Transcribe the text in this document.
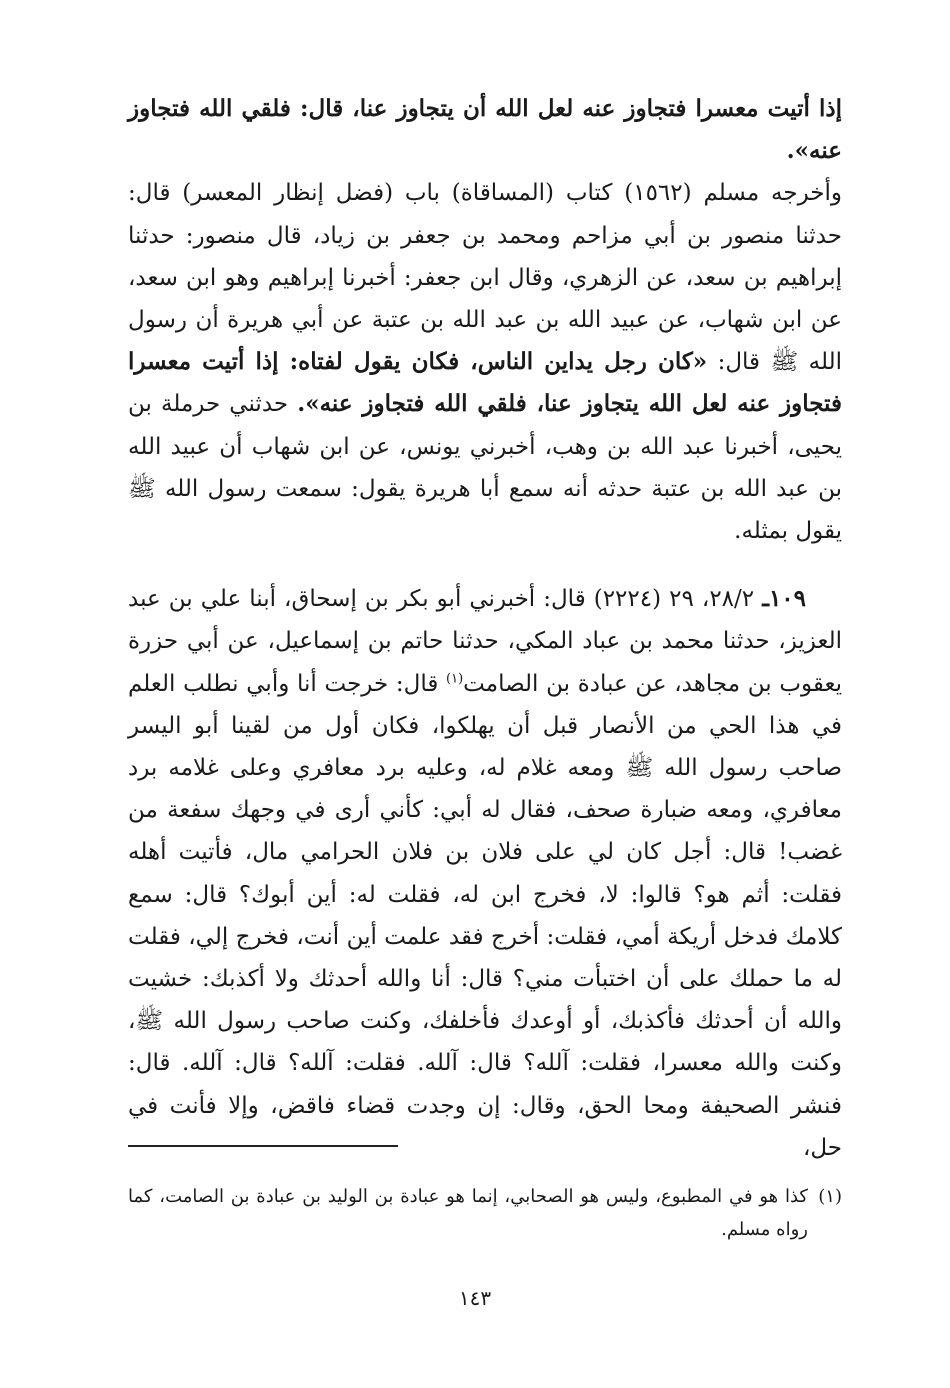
إذا أتيت معسرا فتجاوز عنه لعل الله أن يتجاوز عنا، قال: فلقي الله فتجاوز عنه».
وأخرجه مسلم (١٥٦٢) كتاب (المساقاة) باب (فضل إنظار المعسر) قال: حدثنا منصور بن أبي مزاحم ومحمد بن جعفر بن زياد، قال منصور: حدثنا إبراهيم بن سعد، عن الزهري، وقال ابن جعفر: أخبرنا إبراهيم وهو ابن سعد، عن ابن شهاب، عن عبيد الله بن عبد الله بن عتبة عن أبي هريرة أن رسول الله ﷺ قال: «كان رجل يداين الناس، فكان يقول لفتاه: إذا أتيت معسرا فتجاوز عنه لعل الله يتجاوز عنا، فلقي الله فتجاوز عنه». حدثني حرملة بن يحيى، أخبرنا عبد الله بن وهب، أخبرني يونس، عن ابن شهاب أن عبيد الله بن عبد الله بن عتبة حدثه أنه سمع أبا هريرة يقول: سمعت رسول الله ﷺ يقول بمثله.

١٠٩ـ ٢٨/٢، ٢٩ (٢٢٢٤) قال: أخبرني أبو بكر بن إسحاق، أبنا علي بن عبد العزيز، حدثنا محمد بن عباد المكي، حدثنا حاتم بن إسماعيل، عن أبي حزرة يعقوب بن مجاهد، عن عبادة بن الصامت$^{(١)}$ قال: خرجت أنا وأبي نطلب العلم في هذا الحي من الأنصار قبل أن يهلكوا، فكان أول من لقينا أبو اليسر صاحب رسول الله ﷺ ومعه غلام له، وعليه برد معافري وعلى غلامه برد معافري، ومعه ضبارة صحف، فقال له أبي: كأني أرى في وجهك سفعة من غضب! قال: أجل كان لي على فلان بن فلان الحرامي مال، فأتيت أهله فقلت: أثم هو؟ قالوا: لا، فخرج ابن له، فقلت له: أين أبوك؟ قال: سمع كلامك فدخل أريكة أمي، فقلت: أخرج فقد علمت أين أنت، فخرج إلي، فقلت له ما حملك على أن اختبأت مني؟ قال: أنا والله أحدثك ولا أكذبك: خشيت والله أن أحدثك فأكذبك، أو أوعدك فأخلفك، وكنت صاحب رسول الله ﷺ، وكنت والله معسرا، فقلت: آلله؟ قال: آلله. فقلت: آلله؟ قال: آلله. قال: فنشر الصحيفة ومحا الحق، وقال: إن وجدت قضاء فاقض، وإلا فأنت في حل،

(١)
كذا هو في المطبوع، وليس هو الصحابي، إنما هو عبادة بن الوليد بن عبادة بن الصامت، كما رواه مسلم.

١٤٣
